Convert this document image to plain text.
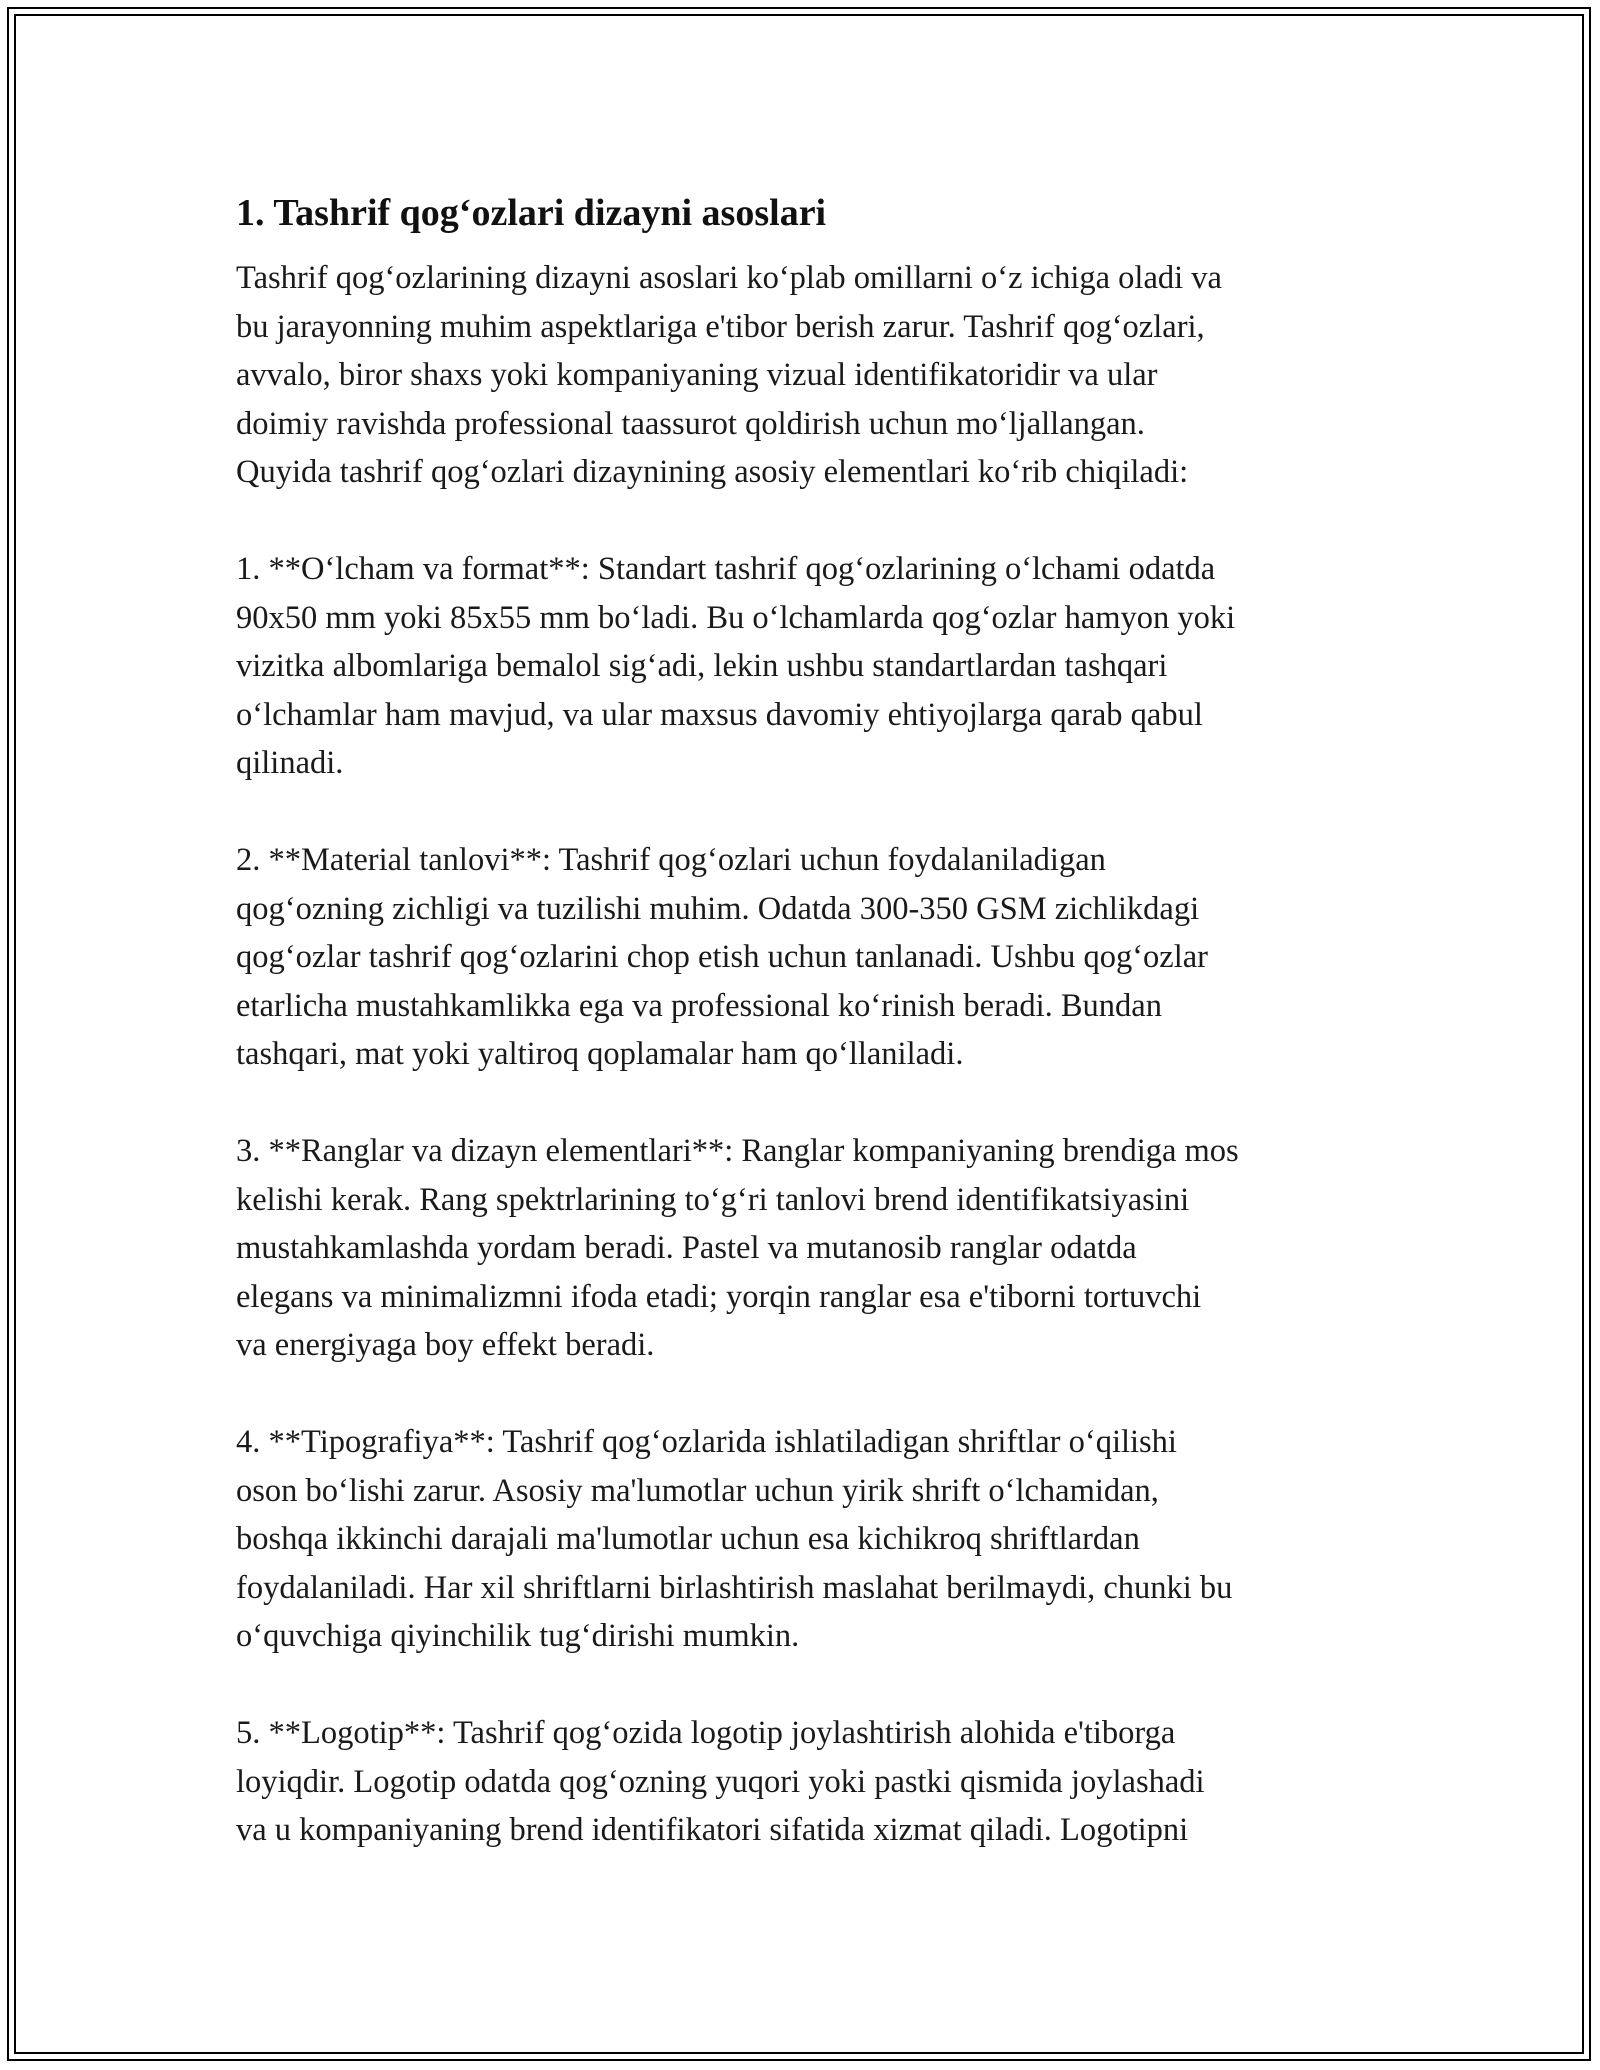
1. Tashrif qog‘ozlari dizayni asoslari

Tashrif qog‘ozlarining dizayni asoslari ko‘plab omillarni o‘z ichiga oladi va
bu jarayonning muhim aspektlariga e'tibor berish zarur. Tashrif qog‘ozlari,
avvalo, biror shaxs yoki kompaniyaning vizual identifikatoridir va ular
doimiy ravishda professional taassurot qoldirish uchun mo‘ljallangan.
Quyida tashrif qog‘ozlari dizaynining asosiy elementlari ko‘rib chiqiladi:

1. **O‘lcham va format**: Standart tashrif qog‘ozlarining o‘lchami odatda
90x50 mm yoki 85x55 mm bo‘ladi. Bu o‘lchamlarda qog‘ozlar hamyon yoki
vizitka albomlariga bemalol sig‘adi, lekin ushbu standartlardan tashqari
o‘lchamlar ham mavjud, va ular maxsus davomiy ehtiyojlarga qarab qabul
qilinadi.

2. **Material tanlovi**: Tashrif qog‘ozlari uchun foydalaniladigan
qog‘ozning zichligi va tuzilishi muhim. Odatda 300-350 GSM zichlikdagi
qog‘ozlar tashrif qog‘ozlarini chop etish uchun tanlanadi. Ushbu qog‘ozlar
etarlicha mustahkamlikka ega va professional ko‘rinish beradi. Bundan
tashqari, mat yoki yaltiroq qoplamalar ham qo‘llaniladi.

3. **Ranglar va dizayn elementlari**: Ranglar kompaniyaning brendiga mos
kelishi kerak. Rang spektrlarining to‘g‘ri tanlovi brend identifikatsiyasini
mustahkamlashda yordam beradi. Pastel va mutanosib ranglar odatda
elegans va minimalizmni ifoda etadi; yorqin ranglar esa e'tiborni tortuvchi
va energiyaga boy effekt beradi.

4. **Tipografiya**: Tashrif qog‘ozlarida ishlatiladigan shriftlar o‘qilishi
oson bo‘lishi zarur. Asosiy ma'lumotlar uchun yirik shrift o‘lchamidan,
boshqa ikkinchi darajali ma'lumotlar uchun esa kichikroq shriftlardan
foydalaniladi. Har xil shriftlarni birlashtirish maslahat berilmaydi, chunki bu
o‘quvchiga qiyinchilik tug‘dirishi mumkin.

5. **Logotip**: Tashrif qog‘ozida logotip joylashtirish alohida e'tiborga
loyiqdir. Logotip odatda qog‘ozning yuqori yoki pastki qismida joylashadi
va u kompaniyaning brend identifikatori sifatida xizmat qiladi. Logotipni
